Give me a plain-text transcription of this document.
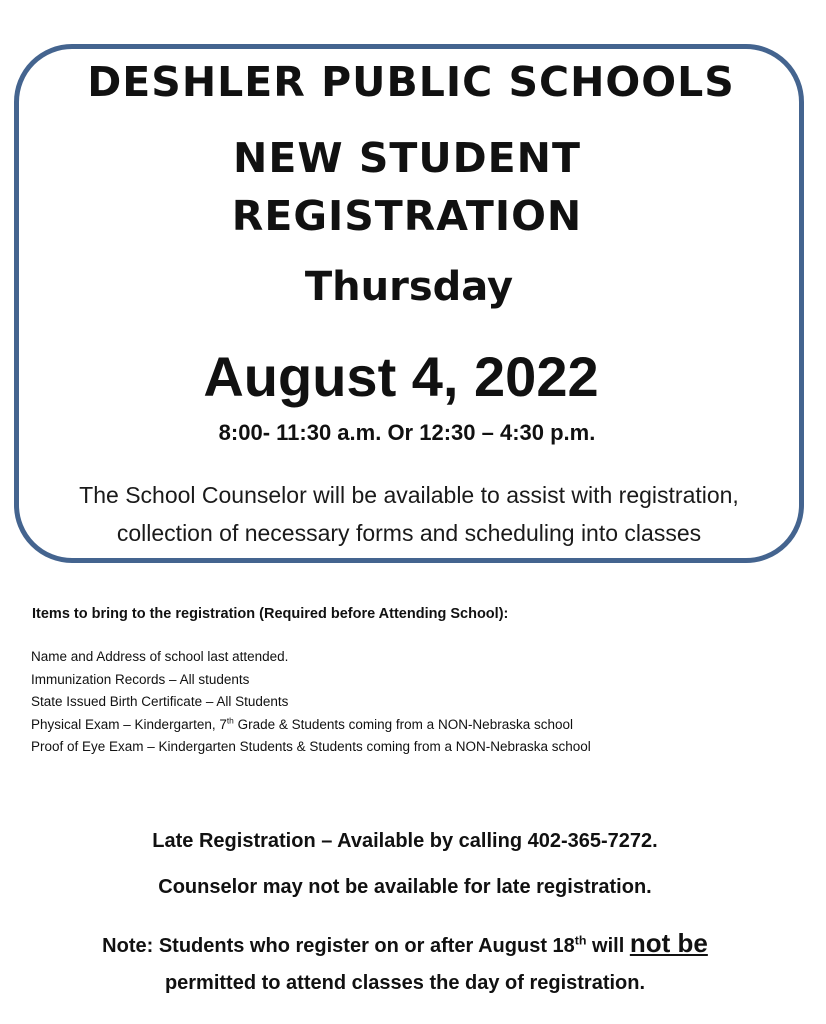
DESHLER PUBLIC SCHOOLS
NEW STUDENT
REGISTRATION
Thursday
August 4, 2022
8:00- 11:30 a.m. Or 12:30 – 4:30 p.m.
The School Counselor will be available to assist with registration,
collection of necessary forms and scheduling into classes
Items to bring to the registration (Required before Attending School):
Name and Address of school last attended.
Immunization Records – All students
State Issued Birth Certificate – All Students
Physical Exam – Kindergarten, 7th Grade & Students coming from a NON-Nebraska school
Proof of Eye Exam – Kindergarten Students & Students coming from a NON-Nebraska school
Late Registration – Available by calling 402-365-7272.
Counselor may not be available for late registration.
Note: Students who register on or after August 18th will not be
permitted to attend classes the day of registration.
